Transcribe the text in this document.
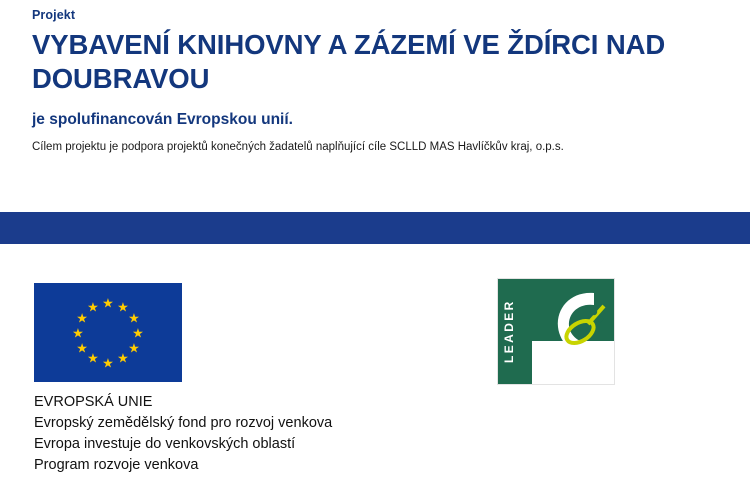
Projekt

VYBAVENÍ KNIHOVNY A ZÁZEMÍ VE ŽDÍRCI NAD DOUBRAVOU

je spolufinancován Evropskou unií.

Cílem projektu je podpora projektů konečných žadatelů naplňující cíle SCLLD MAS Havlíčkův kraj, o.p.s.

★ ★
★
★
★
★
★
★
★
★
★
★	LEADER
EVROPSKÁ UNIE
Evropský zemědělský fond pro rozvoj venkova
Evropa investuje do venkovských oblastí
Program rozvoje venkova
